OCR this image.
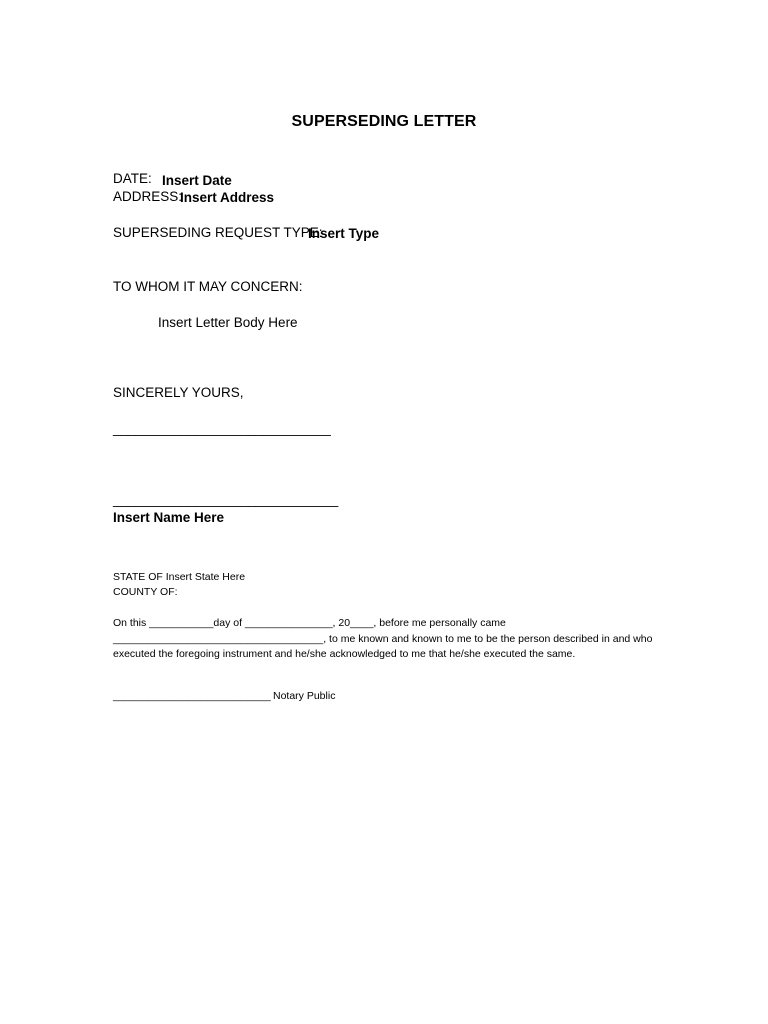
SUPERSEDING LETTER
DATE: Insert Date
ADDRESS:
Insert Address
SUPERSEDING REQUEST TYPE:
Insert Type
TO WHOM IT MAY CONCERN:
Insert Letter Body Here
SINCERELY YOURS,
_____________________________
______________________________
Insert Name Here
STATE OF Insert State Here
COUNTY OF:
On this ___________day of _______________, 20____, before me personally came
____________________________________, to me known and known to me to be the person described in and who
executed the foregoing instrument and he/she acknowledged to me that he/she executed the same.
___________________________ Notary Public
